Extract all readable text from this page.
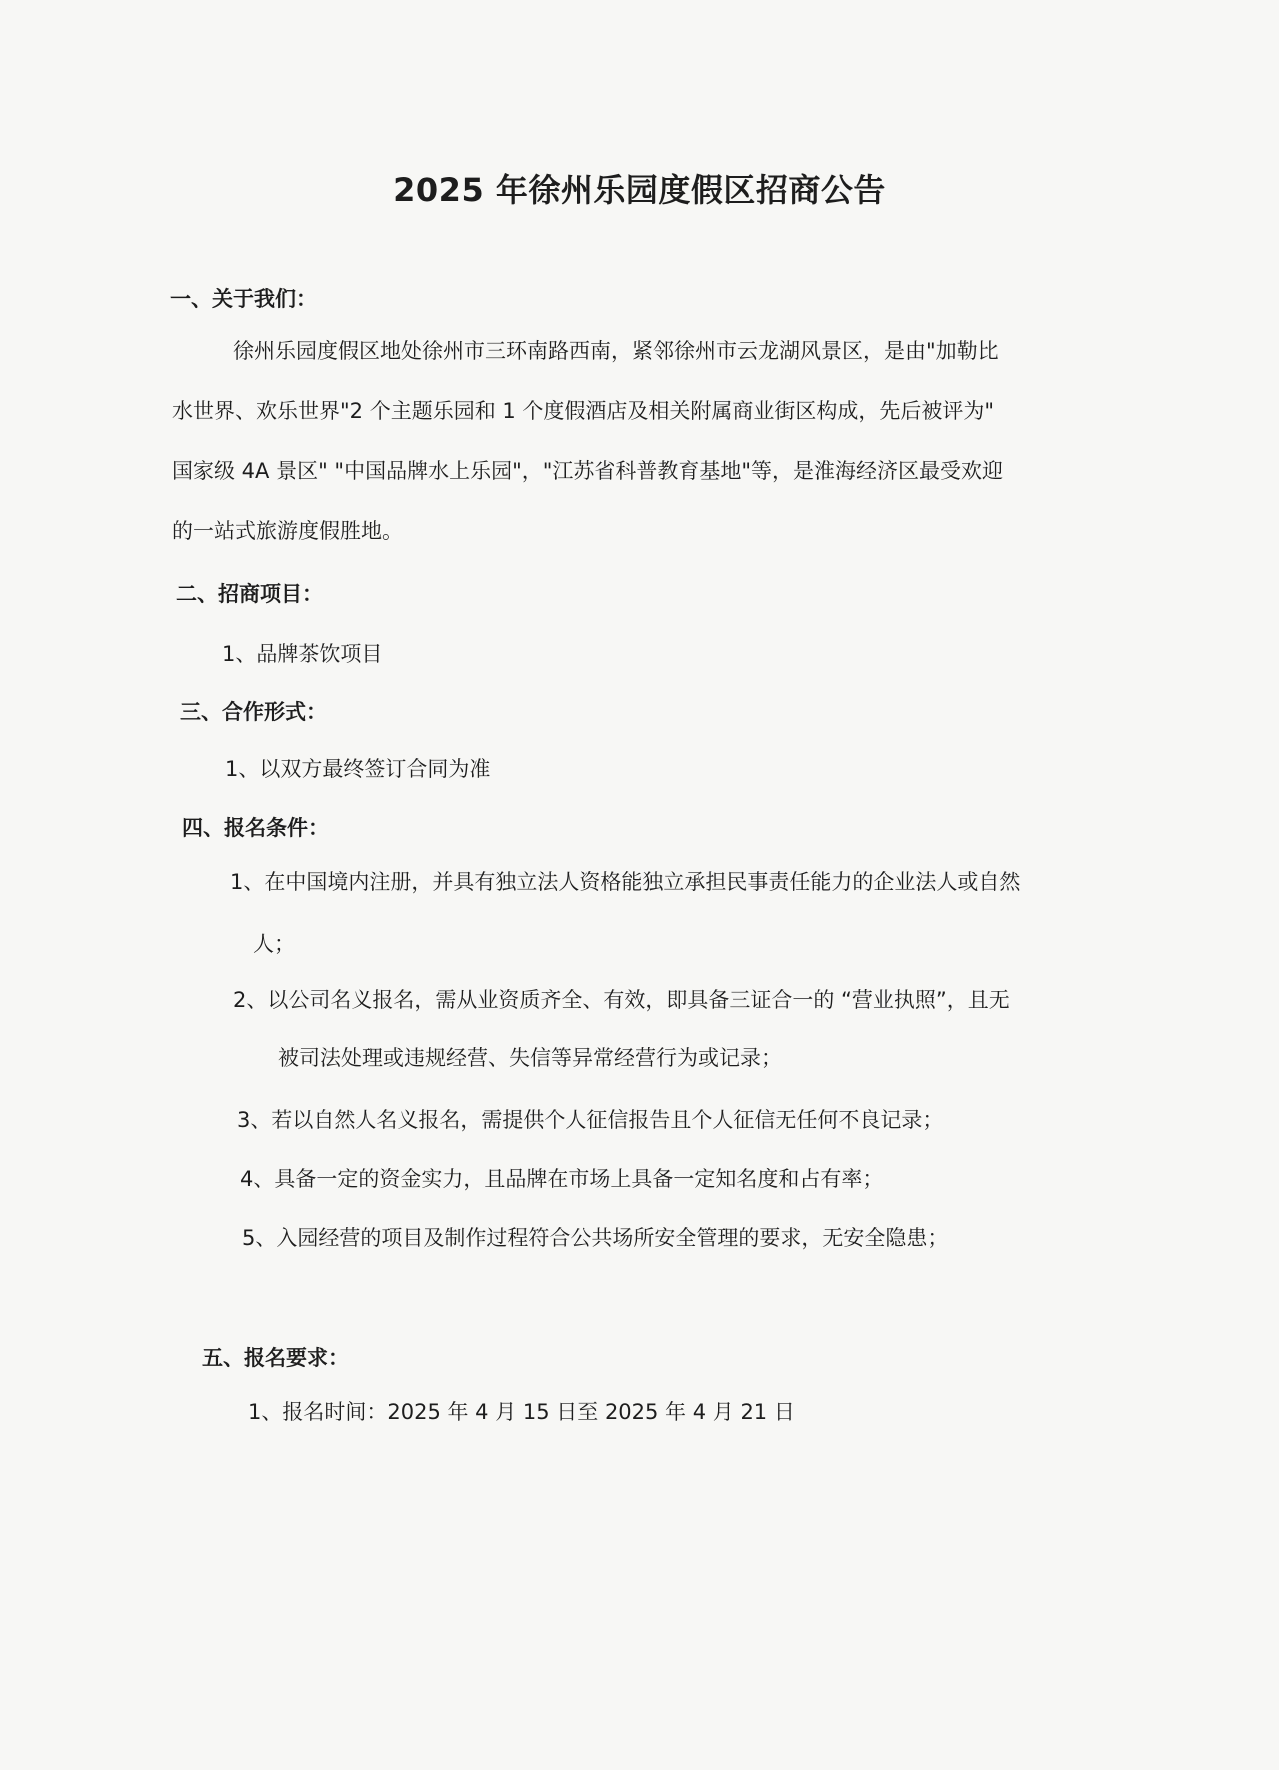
2025 年徐州乐园度假区招商公告
一、关于我们：
徐州乐园度假区地处徐州市三环南路西南，紧邻徐州市云龙湖风景区，是由"加勒比
水世界、欢乐世界"2 个主题乐园和 1 个度假酒店及相关附属商业街区构成，先后被评为"
国家级 4A 景区" "中国品牌水上乐园"，"江苏省科普教育基地"等，是淮海经济区最受欢迎
的一站式旅游度假胜地。
二、招商项目：
1、品牌茶饮项目
三、合作形式：
1、以双方最终签订合同为准
四、报名条件：
1、在中国境内注册，并具有独立法人资格能独立承担民事责任能力的企业法人或自然
人；
2、以公司名义报名，需从业资质齐全、有效，即具备三证合一的 “营业执照”，且无
被司法处理或违规经营、失信等异常经营行为或记录；
3、若以自然人名义报名，需提供个人征信报告且个人征信无任何不良记录；
4、具备一定的资金实力，且品牌在市场上具备一定知名度和占有率；
5、入园经营的项目及制作过程符合公共场所安全管理的要求，无安全隐患；
五、报名要求：
1、报名时间：2025 年 4 月 15 日至 2025 年 4 月 21 日
